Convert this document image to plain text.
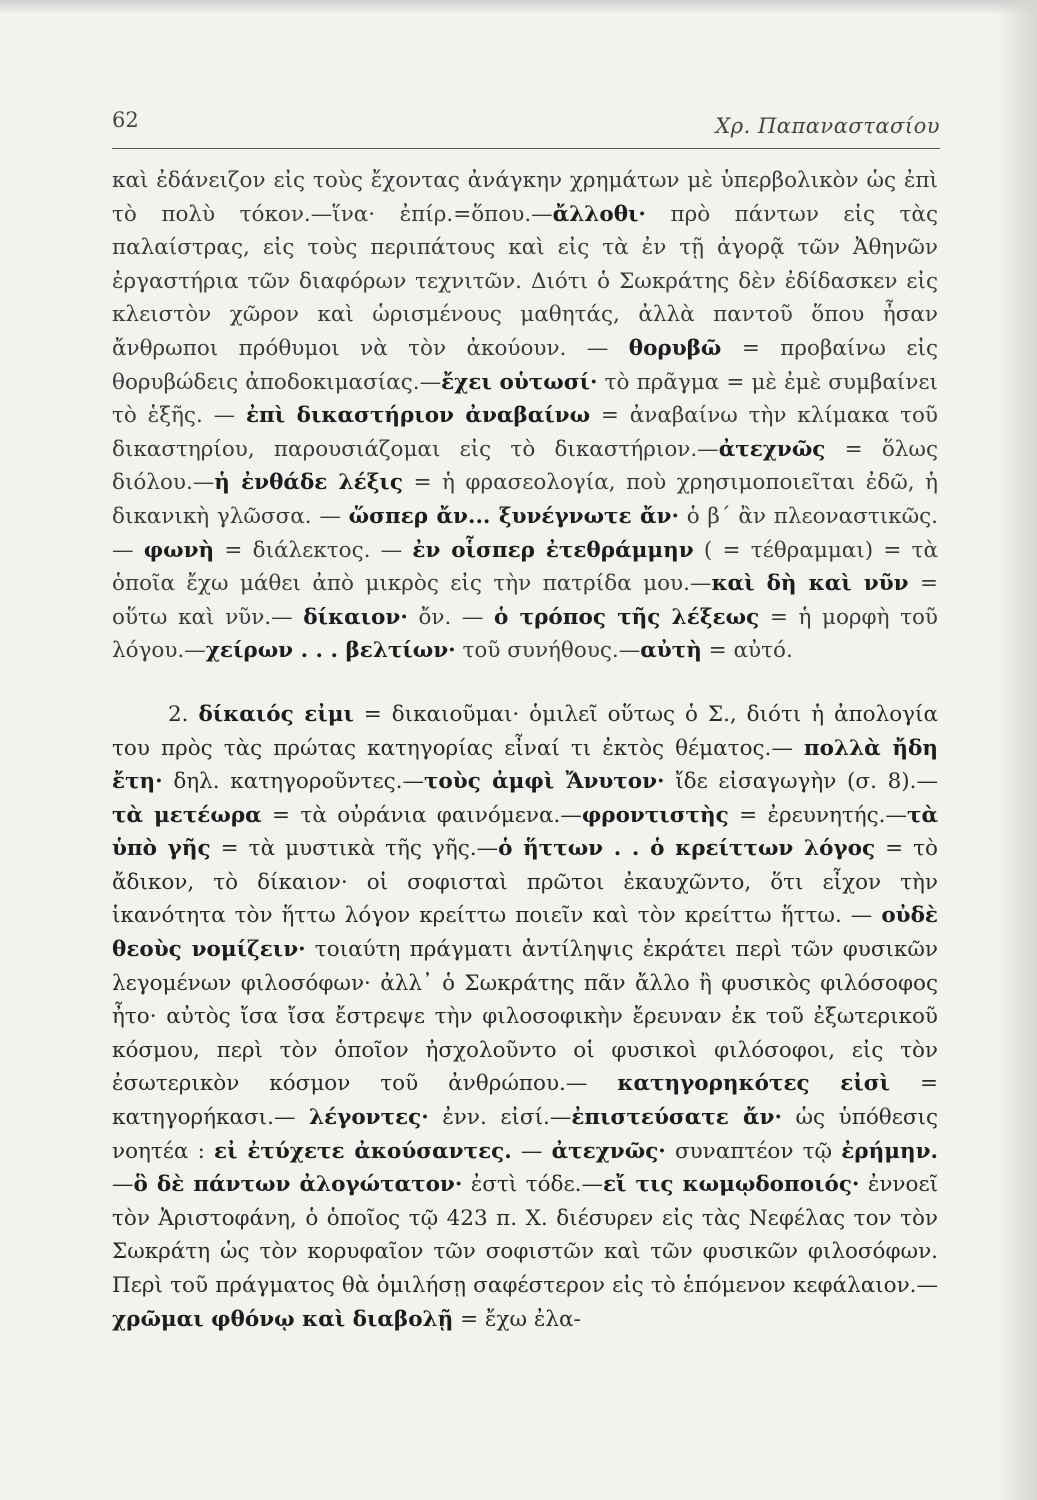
62	Χρ. Παπαναστασίου

καὶ ἐδάνειζον εἰς τοὺς ἔχοντας ἀνάγκην χρημάτων μὲ ὑπερβολικὸν ὡς ἐπὶ τὸ πολὺ τόκον.—ἵνα· ἐπίρ.=ὅπου.—ἄλλοθι· πρὸ πάντων εἰς τὰς παλαίστρας, εἰς τοὺς περιπάτους καὶ εἰς τὰ ἐν τῇ ἀγορᾷ τῶν Ἀθηνῶν ἐργαστήρια τῶν διαφόρων τεχνιτῶν. Διότι ὁ Σωκράτης δὲν ἐδίδασκεν εἰς κλειστὸν χῶρον καὶ ὡρισμένους μαθητάς, ἀλλὰ παντοῦ ὅπου ἦσαν ἄνθρωποι πρόθυμοι νὰ τὸν ἀκούουν. — θορυβῶ = προβαίνω εἰς θορυβώδεις ἀποδοκιμασίας.—ἔχει οὑτωσί· τὸ πρᾶγμα = μὲ ἐμὲ συμβαίνει τὸ ἑξῆς. — ἐπὶ δικαστήριον ἀναβαίνω = ἀναβαίνω τὴν κλίμακα τοῦ δικαστηρίου, παρουσιάζομαι εἰς τὸ δικαστήριον.—ἀτεχνῶς = ὅλως διόλου.—ἡ ἐνθάδε λέξις = ἡ φρασεολογία, ποὺ χρησιμοποιεῖται ἐδῶ, ἡ δικανικὴ γλῶσσα. — ὥσπερ ἄν... ξυνέγνωτε ἄν· ὁ β´ ἂν πλεοναστικῶς. — φωνὴ = διάλεκτος. — ἐν οἷσπερ ἐτεθράμμην ( = τέθραμμαι) = τὰ ὁποῖα ἔχω μάθει ἀπὸ μικρὸς εἰς τὴν πατρίδα μου.—καὶ δὴ καὶ νῦν = οὕτω καὶ νῦν.— δίκαιον· ὄν. — ὁ τρόπος τῆς λέξεως = ἡ μορφὴ τοῦ λόγου.—χείρων . . . βελτίων· τοῦ συνήθους.—αὐτὴ = αὐτό.

2. δίκαιός εἰμι = δικαιοῦμαι· ὁμιλεῖ οὕτως ὁ Σ., διότι ἡ ἀπολογία του πρὸς τὰς πρώτας κατηγορίας εἶναί τι ἐκτὸς θέματος.— πολλὰ ἤδη ἔτη· δηλ. κατηγοροῦντες.—τοὺς ἀμφὶ Ἄνυτον· ἴδε εἰσαγωγὴν (σ. 8).—τὰ μετέωρα = τὰ οὐράνια φαινόμενα.—φροντιστὴς = ἐρευνητής.—τὰ ὑπὸ γῆς = τὰ μυστικὰ τῆς γῆς.—ὁ ἥττων . . ὁ κρείττων λόγος = τὸ ἄδικον, τὸ δίκαιον· οἱ σοφισταὶ πρῶτοι ἐκαυχῶντο, ὅτι εἶχον τὴν ἱκανότητα τὸν ἥττω λόγον κρείττω ποιεῖν καὶ τὸν κρείττω ἥττω. — οὐδὲ θεοὺς νομίζειν· τοιαύτη πράγματι ἀντίληψις ἐκράτει περὶ τῶν φυσικῶν λεγομένων φιλοσόφων· ἀλλ᾽ ὁ Σωκράτης πᾶν ἄλλο ἢ φυσικὸς φιλόσοφος ἦτο· αὐτὸς ἴσα ἴσα ἔστρεψε τὴν φιλοσοφικὴν ἔρευναν ἐκ τοῦ ἐξωτερικοῦ κόσμου, περὶ τὸν ὁποῖον ἠσχολοῦντο οἱ φυσικοὶ φιλόσοφοι, εἰς τὸν ἐσωτερικὸν κόσμον τοῦ ἀνθρώπου.— κατηγορηκότες εἰσὶ = κατηγορήκασι.— λέγοντες· ἐνν. εἰσί.—ἐπιστεύσατε ἄν· ὡς ὑπόθεσις νοητέα : εἰ ἐτύχετε ἀκούσαντες. — ἀτεχνῶς· συναπτέον τῷ ἐρήμην.—ὃ δὲ πάντων ἀλογώτατον· ἐστὶ τόδε.—εἴ τις κωμῳδοποιός· ἐννοεῖ τὸν Ἀριστοφάνη, ὁ ὁποῖος τῷ 423 π. Χ. διέσυρεν εἰς τὰς Νεφέλας τον τὸν Σωκράτη ὡς τὸν κορυφαῖον τῶν σοφιστῶν καὶ τῶν φυσικῶν φιλοσόφων. Περὶ τοῦ πράγματος θὰ ὁμιλήσῃ σαφέστερον εἰς τὸ ἑπόμενον κεφάλαιον.— χρῶμαι φθόνῳ καὶ διαβολῇ = ἔχω ἐλα-
